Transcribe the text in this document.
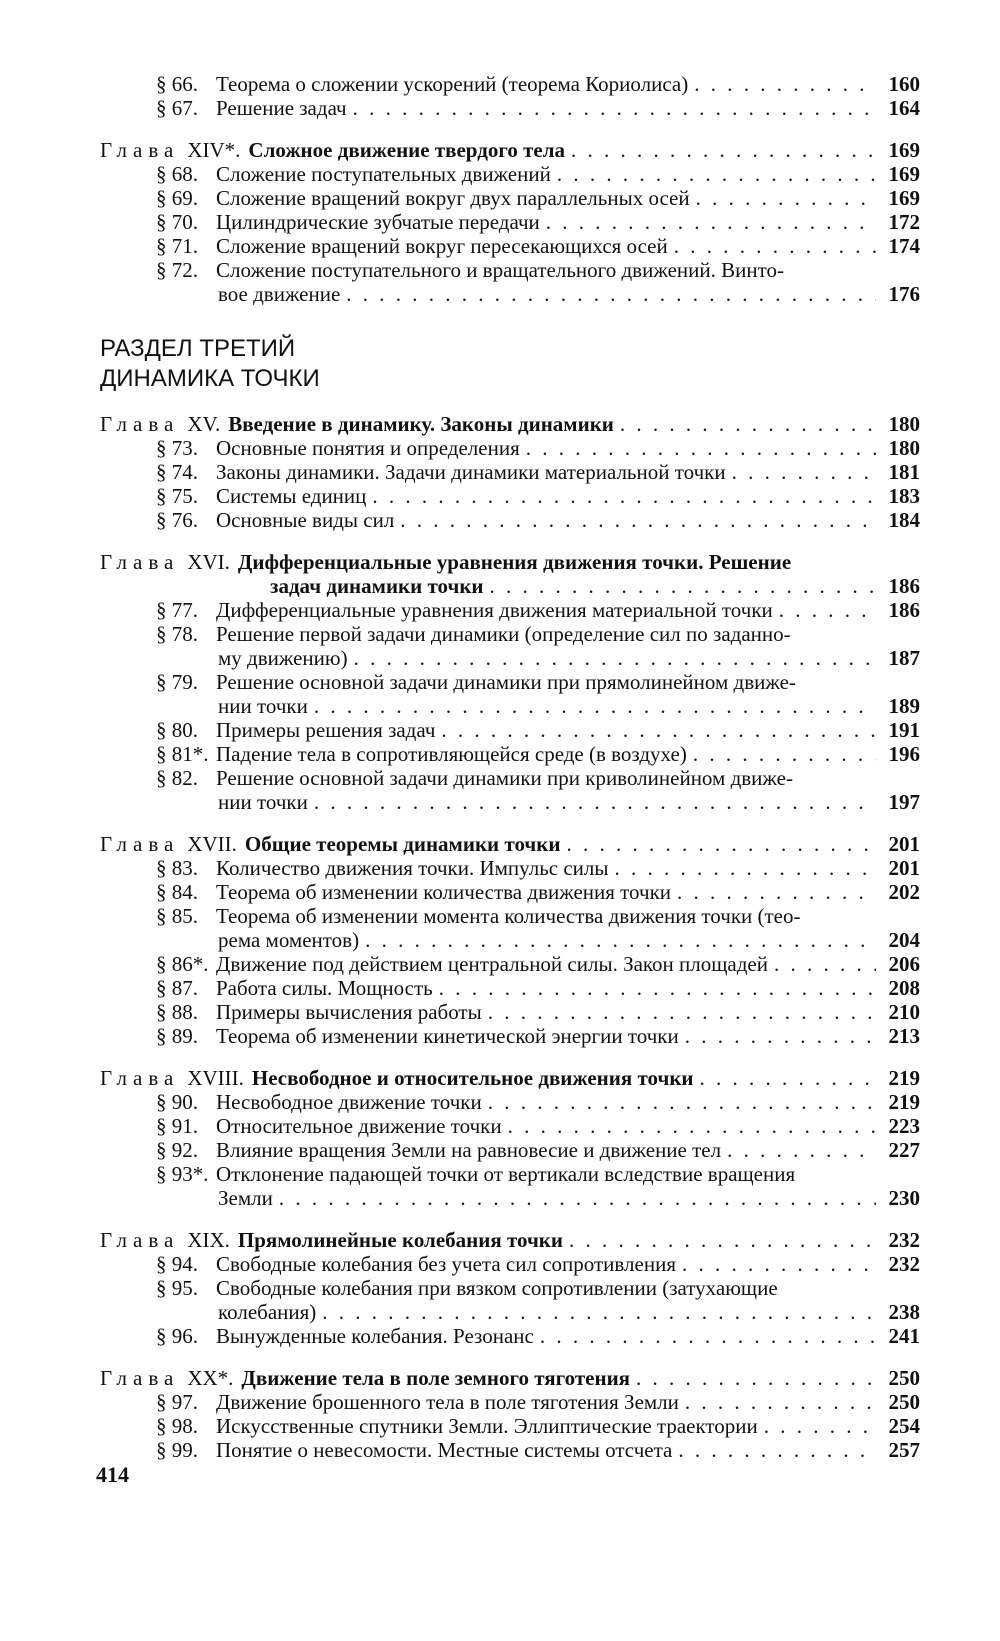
§ 66. Теорема о сложении ускорений (теорема Кориолиса) . . .	160
§ 67. Решение задач . . .	164
Глава XIV*. Сложное движение твердого тела . . .	169
§ 68. Сложение поступательных движений . . .	169
§ 69. Сложение вращений вокруг двух параллельных осей . . .	169
§ 70. Цилиндрические зубчатые передачи . . .	172
§ 71. Сложение вращений вокруг пересекающихся осей . . .	174
§ 72. Сложение поступательного и вращательного движений. Винто-
вое движение . . .	176
РАЗДЕЛ ТРЕТИЙ
ДИНАМИКА ТОЧКИ
Глава XV. Введение в динамику. Законы динамики . . .	180
§ 73. Основные понятия и определения . . .	180
§ 74. Законы динамики. Задачи динамики материальной точки . . .	181
§ 75. Системы единиц . . .	183
§ 76. Основные виды сил . . .	184
Глава XVI. Дифференциальные уравнения движения точки. Решение
задач динамики точки . . .	186
§ 77. Дифференциальные уравнения движения материальной точки . . .	186
§ 78. Решение первой задачи динамики (определение сил по заданно-
му движению) . . .	187
§ 79. Решение основной задачи динамики при прямолинейном движе-
нии точки . . .	189
§ 80. Примеры решения задач . . .	191
§ 81*. Падение тела в сопротивляющейся среде (в воздухе) . . .	196
§ 82. Решение основной задачи динамики при криволинейном движе-
нии точки . . .	197
Глава XVII. Общие теоремы динамики точки . . .	201
§ 83. Количество движения точки. Импульс силы . . .	201
§ 84. Теорема об изменении количества движения точки . . .	202
§ 85. Теорема об изменении момента количества движения точки (тео-
рема моментов) . . .	204
§ 86*. Движение под действием центральной силы. Закон площадей . . .	206
§ 87. Работа силы. Мощность . . .	208
§ 88. Примеры вычисления работы . . .	210
§ 89. Теорема об изменении кинетической энергии точки . . .	213
Глава XVIII. Несвободное и относительное движения точки . . .	219
§ 90. Несвободное движение точки . . .	219
§ 91. Относительное движение точки . . .	223
§ 92. Влияние вращения Земли на равновесие и движение тел . . .	227
§ 93*. Отклонение падающей точки от вертикали вследствие вращения
Земли . . .	230
Глава XIX. Прямолинейные колебания точки . . .	232
§ 94. Свободные колебания без учета сил сопротивления . . .	232
§ 95. Свободные колебания при вязком сопротивлении (затухающие
колебания) . . .	238
§ 96. Вынужденные колебания. Резонанс . . .	241
Глава XX*. Движение тела в поле земного тяготения . . .	250
§ 97. Движение брошенного тела в поле тяготения Земли . . .	250
§ 98. Искусственные спутники Земли. Эллиптические траектории . . .	254
§ 99. Понятие о невесомости. Местные системы отсчета . . .	257
414
